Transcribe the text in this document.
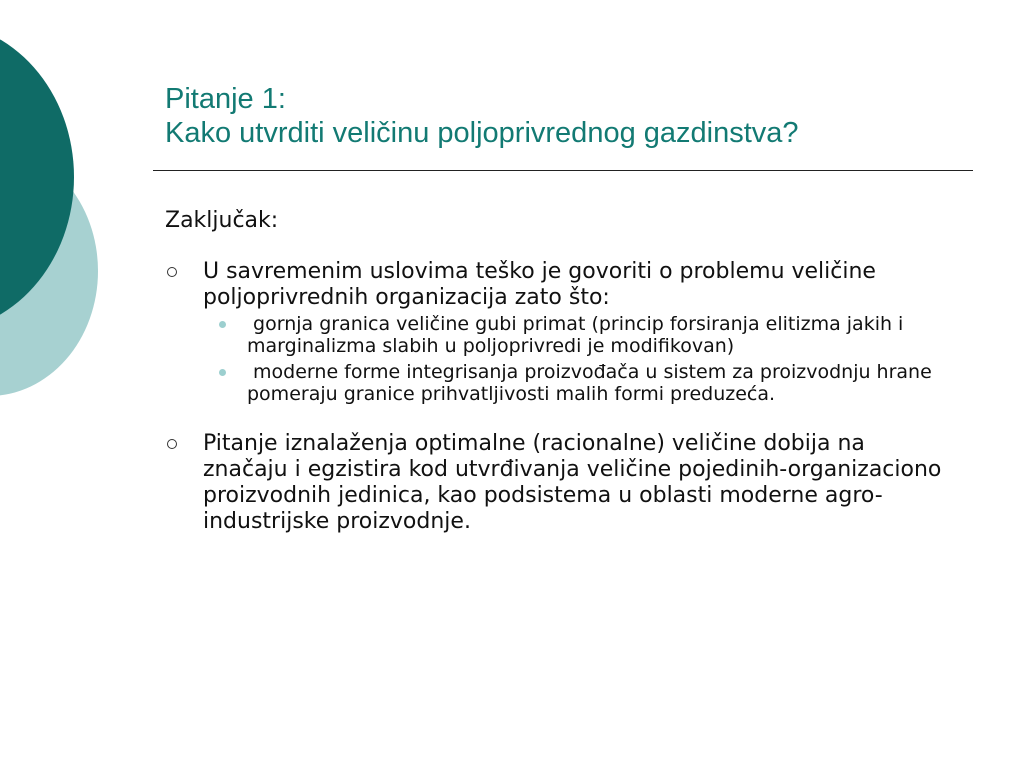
Pitanje 1:
Kako utvrditi veličinu poljoprivrednog gazdinstva?
Zaključak:
U savremenim uslovima teško je govoriti o problemu veličine poljoprivrednih organizacija zato što:
gornja granica veličine gubi primat (princip forsiranja elitizma jakih i marginalizma slabih u poljoprivredi je modifikovan)
moderne forme integrisanja proizvođača u sistem za proizvodnju hrane pomeraju granice prihvatljivosti malih formi preduzeća.
Pitanje iznalaženja optimalne (racionalne) veličine dobija na značaju i egzistira kod utvrđivanja veličine pojedinih-organizaciono proizvodnih jedinica, kao podsistema u oblasti moderne agro-industrijske proizvodnje.
